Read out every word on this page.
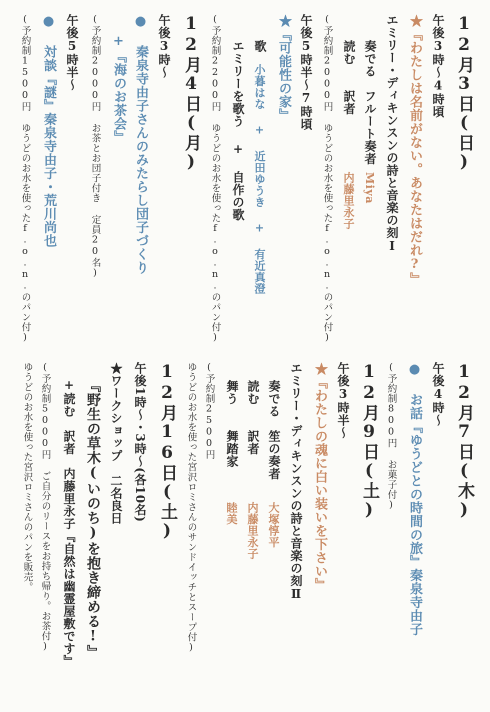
12月3日(日)
午後3時～4時頃
★『わたしは名前がない。あなたはだれ?』
エミリー・ディキンスンの詩と音楽の刻Ⅰ
奏でる　フルート奏者
Miya
読む　　訳者
内藤里永子
(予約制2000円 ゆうどのお水を使ったf.o.n.のパン付)
午後5時半～7時頃
★『可能性の家』
歌
小暮はな + 近田ゆうき + 有近真澄
エミリーを歌う + 自作の歌
(予約制2200円 ゆうどのお水を使ったf.o.n.のパン付)
12月4日(月)
午後3時～
● 秦泉寺由子さんのみたらし団子づくり
+『海のお茶会』
(予約制2000円 お茶とお団子付き 定員20名)
午後5時半～
● 対談『謎』秦泉寺由子・荒川尚也
(予約制1500円 ゆうどのお水を使ったf.o.n.のパン付)
12月7日(木)
午後4時～
● お話『ゆうどとの時間の旅』秦泉寺由子
(予約制800円 お菓子付)
12月9日(土)
午後3時半～
★『わたしの魂に白い装いを下さい』
エミリー・ディキンスンの詩と音楽の刻Ⅱ
奏でる　笙の奏者
大塚惇平
読む　　訳者
内藤里永子
舞う　　舞踏家
睦美
(予約制2500円
ゆうどのお水を使った宮沢ロミさんのサンドイッチとスープ付)
12月16日(土)
午後1時～・3時～(各10名)
★ワークショップ　二名良日
『野生の草木(いのち)を抱き締める!』
+読む　訳者　内藤里永子『自然は幽霊屋敷です』
(予約制5000円 ご自分のリースをお持ち帰り。お茶付)
ゆうどのお水を使った宮沢ロミさんのパンを販売。
